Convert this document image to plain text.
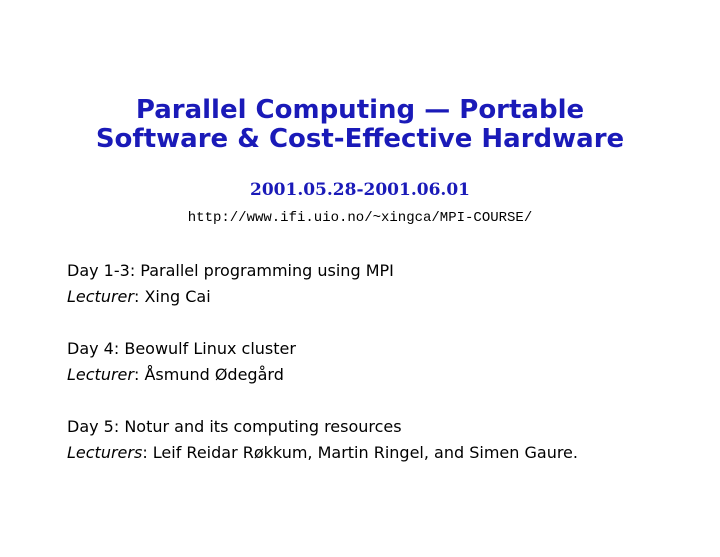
Parallel Computing — Portable
Software & Cost-Effective Hardware
2001.05.28-2001.06.01
http://www.ifi.uio.no/~xingca/MPI-COURSE/
Day 1-3: Parallel programming using MPI
Lecturer: Xing Cai
Day 4: Beowulf Linux cluster
Lecturer: Åsmund Ødegård
Day 5: Notur and its computing resources
Lecturers: Leif Reidar Røkkum, Martin Ringel, and Simen Gaure.
